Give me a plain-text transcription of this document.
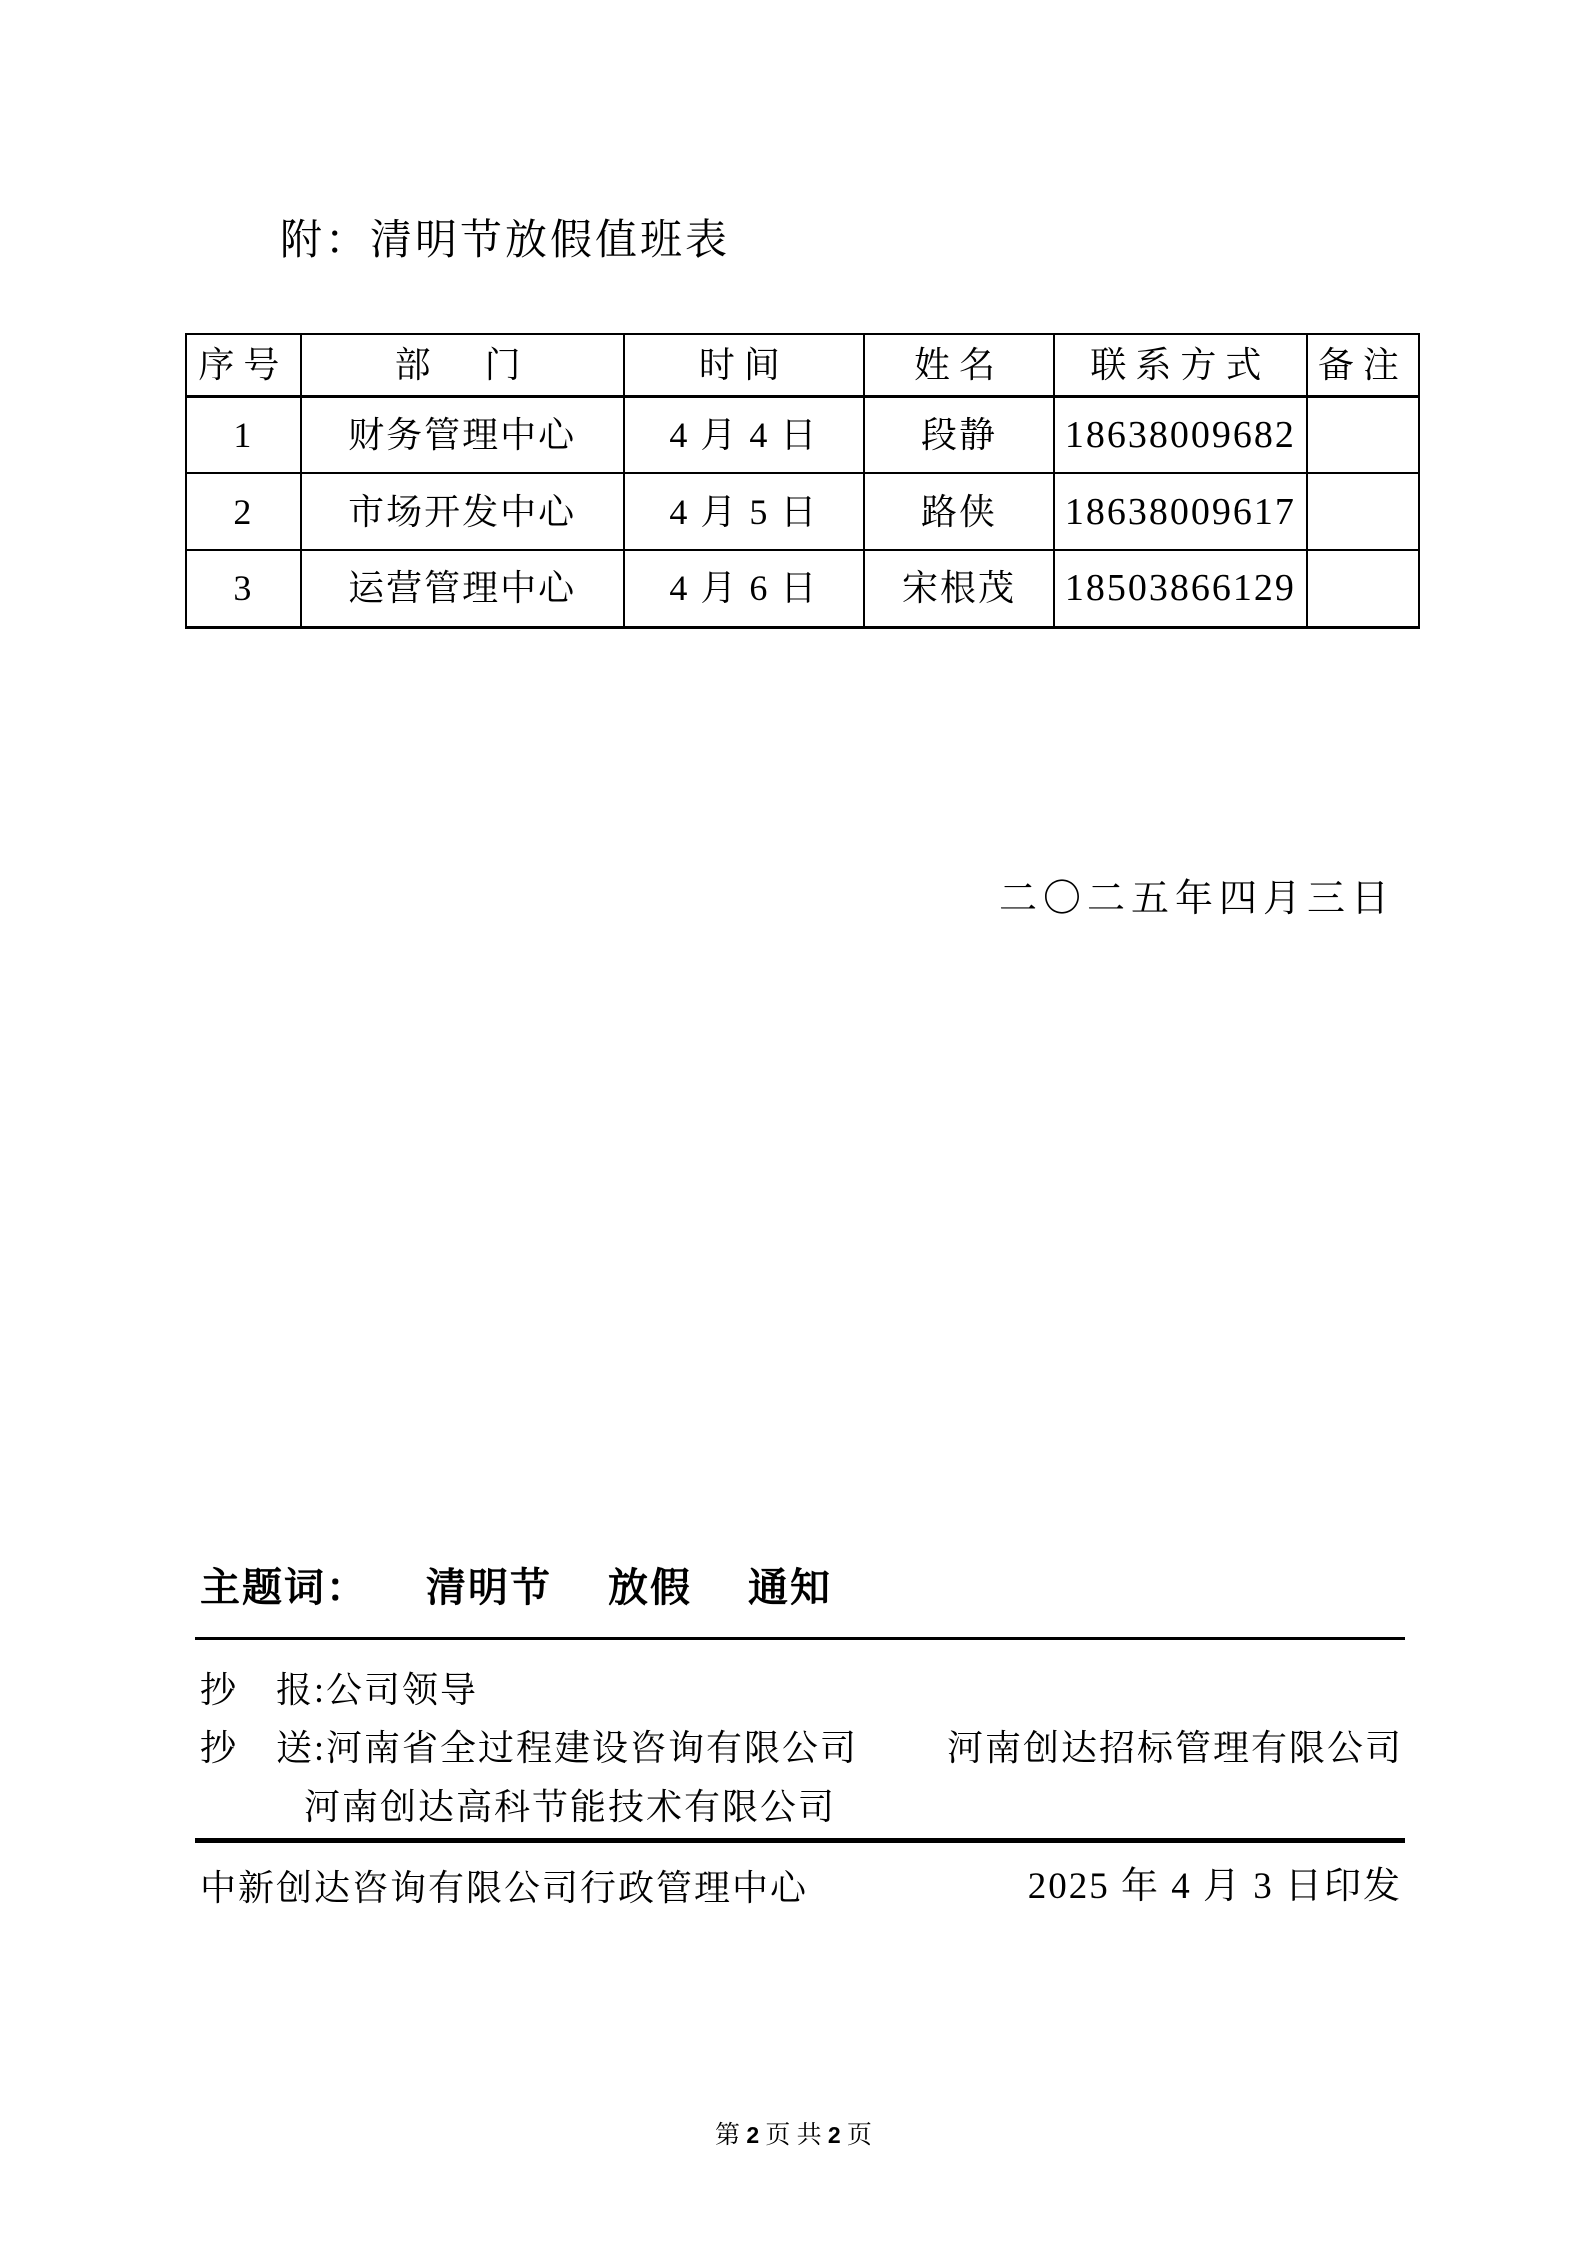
附：清明节放假值班表
序号	部　门	时间	姓名	联系方式	备注
1	财务管理中心	4 月 4 日	段静	18638009682	
2	市场开发中心	4 月 5 日	路侠	18638009617	
3	运营管理中心	4 月 6 日	宋根茂	18503866129	
二〇二五年四月三日
主题词： 清明节 放假 通知
抄　报:公司领导
抄　送:河南省全过程建设咨询有限公司 河南创达招标管理有限公司
河南创达高科节能技术有限公司
中新创达咨询有限公司行政管理中心	2025 年 4 月 3 日印发
第 2 页 共 2 页
